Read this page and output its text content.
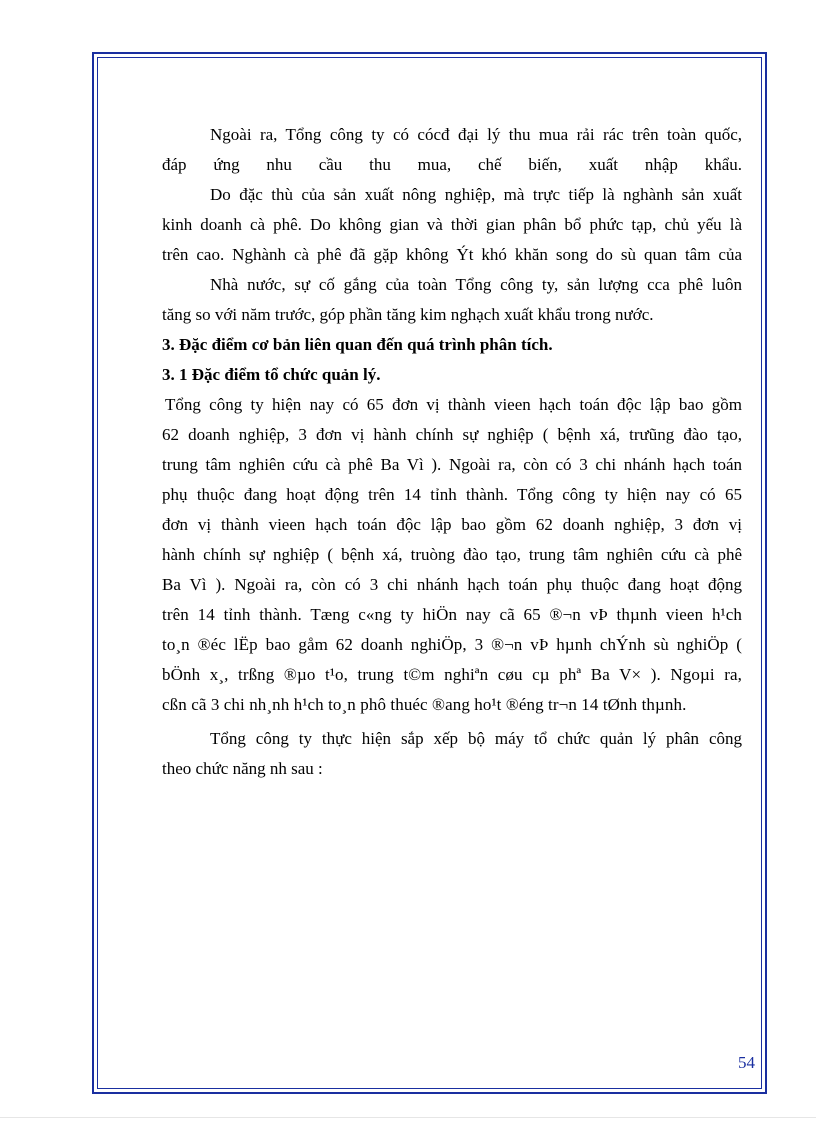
Ngoài ra, Tổng công ty có cócđ đại lý thu mua rải rác trên toàn quốc,
đáp ứng nhu cầu thu mua, chế biến, xuất nhập khẩu.
Do đặc thù của sản xuất nông nghiệp, mà trực tiếp là nghành sản xuất
kinh doanh cà phê. Do không gian và thời gian phân bổ phức tạp, chủ yếu là
trên cao. Nghành cà phê đã gặp không Ýt khó khăn song do sù quan tâm của
Nhà nước, sự cố gắng của toàn Tổng công ty, sản lượng cca phê luôn
tăng so với năm trước, góp phần tăng kim nghạch xuất khẩu trong nước.
3. Đặc điểm cơ bản liên quan đến quá trình phân tích.
3. 1 Đặc điểm tổ chức quản lý.
Tổng công ty hiện nay có 65 đơn vị thành vieen hạch toán độc lập bao gồm
62 doanh nghiệp, 3 đơn vị hành chính sự nghiệp ( bệnh xá, trưũng đào tạo,
trung tâm nghiên cứu cà phê Ba Vì ). Ngoài ra, còn có 3 chi nhánh hạch toán
phụ thuộc đang hoạt động trên 14 tỉnh thành. Tổng công ty hiện nay có 65
đơn vị thành vieen hạch toán độc lập bao gồm 62 doanh nghiệp, 3 đơn vị
hành chính sự nghiệp ( bệnh xá, truòng đào tạo, trung tâm nghiên cứu cà phê
Ba Vì ). Ngoài ra, còn có 3 chi nhánh hạch toán phụ thuộc đang hoạt động
trên 14 tỉnh thành. Tæng c«ng ty hiÖn nay cã 65 ®¬n vÞ thµnh vieen h¹ch
to¸n ®éc lËp bao gåm 62 doanh nghiÖp, 3 ®¬n vÞ hµnh chÝnh sù nghiÖp (
bÖnh x¸, trßng ®µo t¹o, trung t©m nghiªn cøu cµ phª Ba V× ). Ngoµi ra,
cßn cã 3 chi nh¸nh h¹ch to¸n phô thuéc ®ang ho¹t ®éng tr¬n 14 tØnh thµnh.
Tổng công ty thực hiện sắp xếp bộ máy tổ chức quản lý phân công
theo chức năng nh sau :
54
